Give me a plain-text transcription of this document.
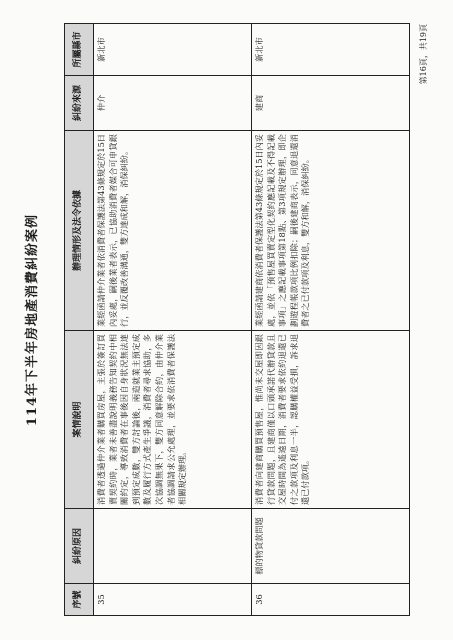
114年下半年房地產消費糾紛案例
序號	糾紛原因	案情說明	辦理情形及法令依據	糾紛來源	所屬縣市
35		消費者透過仲介業者購買房屋，主張於簽訂買賣契約時，業者未善盡說明義務告知契約中相關約定，導致消費者在事後因自身狀況無法達到預定成數，雙方討論後，兩造就業主預定成數及履行方式產生爭議，消費者尋求協助，多次協調無果下，雙方同意解除合約，由仲介業者協調請求公允處理，並要求依消費者保護法相關規定辦理。	業經函請仲介業者依消費者保護法第43條規定於15日內妥處，嗣後業者表示，已協助消費者媒合可申貸銀行，並反覆改善溝通，雙方達成和解，消保糾紛。	仲介	新北市
36	標的物貸款問題	消費者向建商購買預售屋，惟尚未交屋即因銀行貸款問題，且建商僅以口頭承諾代辦貸款且交屋時間為遙遠日期，消費者要求依約退還已付之款項及利息一半，認購權益受損，訴求退還已付款項。	業經函請建商依消費者保護法第43條規定於15日內妥處，並依「預售屋買賣定型化契約應記載及不得記載事項」之應記載事項第18點、第3項規定辦理，即企劃遊程帳款項比例扣除；嗣後建商表示，同意退還消費者之已付款項及利息，雙方和解，消保糾紛。	建商	新北市	第16頁，共19頁
